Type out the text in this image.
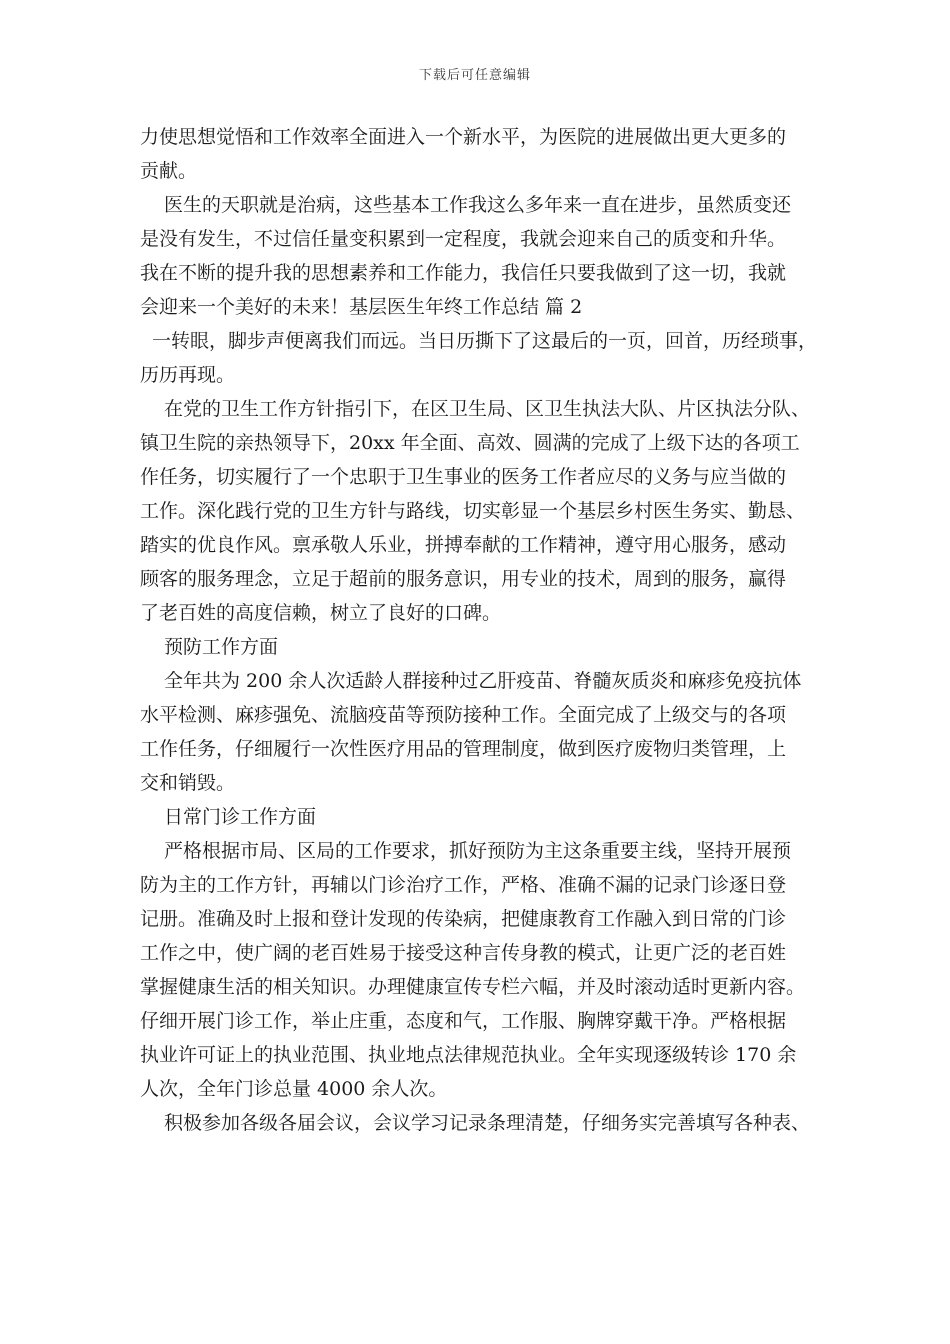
下载后可任意编辑
力使思想觉悟和工作效率全面进入一个新水平，为医院的进展做出更大更多的
贡献。
医生的天职就是治病，这些基本工作我这么多年来一直在进步，虽然质变还
是没有发生，不过信任量变积累到一定程度，我就会迎来自己的质变和升华。
我在不断的提升我的思想素养和工作能力，我信任只要我做到了这一切，我就
会迎来一个美好的未来！基层医生年终工作总结 篇 2
一转眼，脚步声便离我们而远。当日历撕下了这最后的一页，回首，历经琐事，
历历再现。
在党的卫生工作方针指引下，在区卫生局、区卫生执法大队、片区执法分队、
镇卫生院的亲热领导下，20xx 年全面、高效、圆满的完成了上级下达的各项工
作任务，切实履行了一个忠职于卫生事业的医务工作者应尽的义务与应当做的
工作。深化践行党的卫生方针与路线，切实彰显一个基层乡村医生务实、勤恳、
踏实的优良作风。禀承敬人乐业，拼搏奉献的工作精神，遵守用心服务，感动
顾客的服务理念，立足于超前的服务意识，用专业的技术，周到的服务，赢得
了老百姓的高度信赖，树立了良好的口碑。
预防工作方面
全年共为 200 余人次适龄人群接种过乙肝疫苗、脊髓灰质炎和麻疹免疫抗体
水平检测、麻疹强免、流脑疫苗等预防接种工作。全面完成了上级交与的各项
工作任务，仔细履行一次性医疗用品的管理制度，做到医疗废物归类管理，上
交和销毁。
日常门诊工作方面
严格根据市局、区局的工作要求，抓好预防为主这条重要主线，坚持开展预
防为主的工作方针，再辅以门诊治疗工作，严格、准确不漏的记录门诊逐日登
记册。准确及时上报和登计发现的传染病，把健康教育工作融入到日常的门诊
工作之中，使广阔的老百姓易于接受这种言传身教的模式，让更广泛的老百姓
掌握健康生活的相关知识。办理健康宣传专栏六幅，并及时滚动适时更新内容。
仔细开展门诊工作，举止庄重，态度和气，工作服、胸牌穿戴干净。严格根据
执业许可证上的执业范围、执业地点法律规范执业。全年实现逐级转诊 170 余
人次，全年门诊总量 4000 余人次。
积极参加各级各届会议，会议学习记录条理清楚，仔细务实完善填写各种表、
